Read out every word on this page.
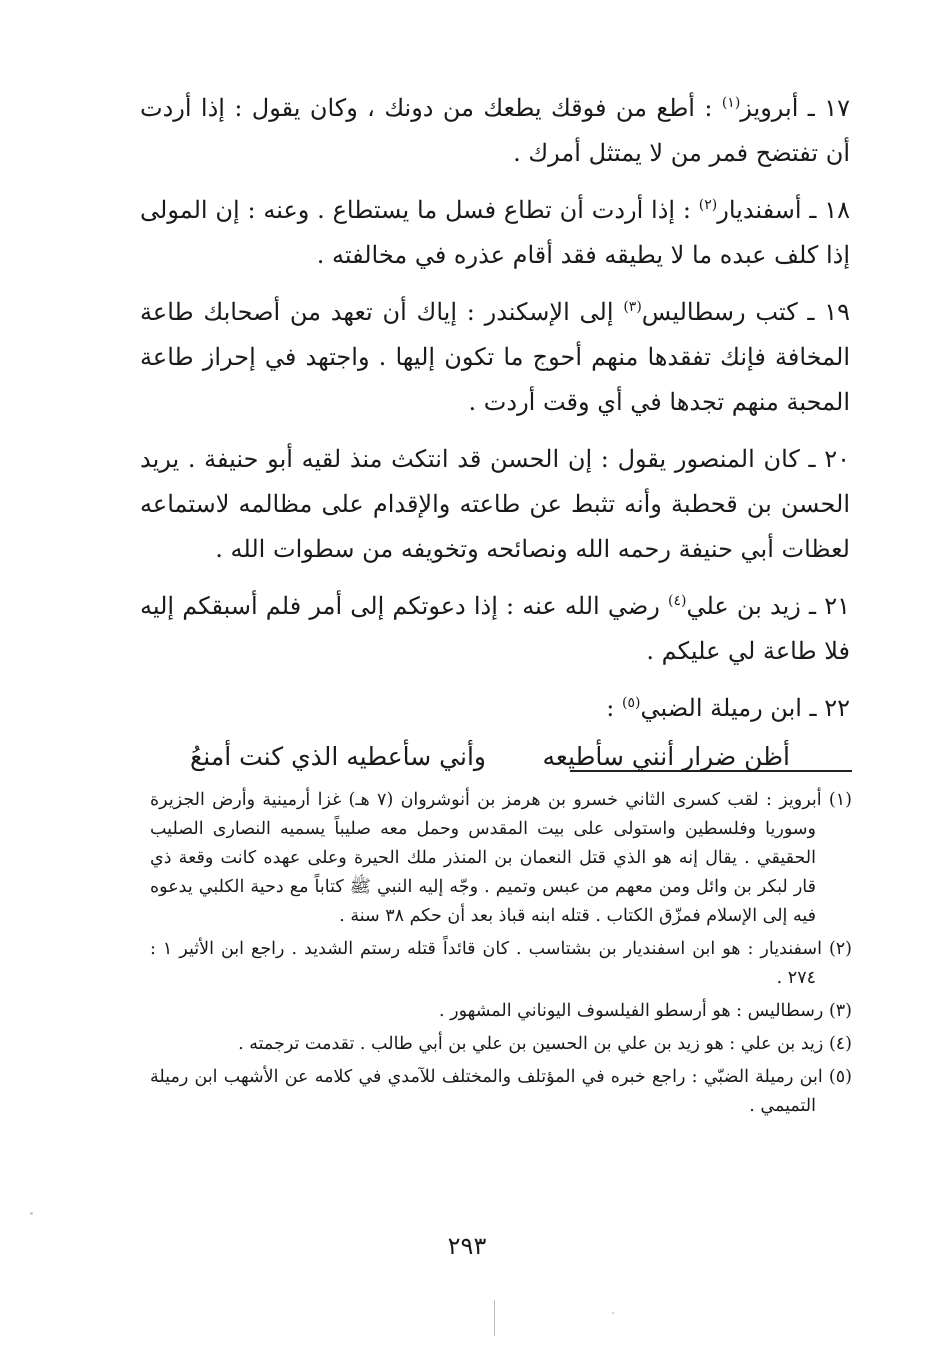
١٧ ـ أبرويز$^{(١)}$ : أطع من فوقك يطعك من دونك ، وكان يقول : إذا أردت أن تفتضح فمر من لا يمتثل أمرك .

١٨ ـ أسفنديار$^{(٢)}$ : إذا أردت أن تطاع فسل ما يستطاع . وعنه : إن المولى إذا كلف عبده ما لا يطيقه فقد أقام عذره في مخالفته .

١٩ ـ كتب رسطاليس$^{(٣)}$ إلى الإسكندر : إياك أن تعهد من أصحابك طاعة المخافة فإنك تفقدها منهم أحوج ما تكون إليها . واجتهد في إحراز طاعة المحبة منهم تجدها في أي وقت أردت .

٢٠ ـ كان المنصور يقول : إن الحسن قد انتكث منذ لقيه أبو حنيفة . يريد الحسن بن قحطبة وأنه تثبط عن طاعته والإقدام على مظالمه لاستماعه لعظات أبي حنيفة رحمه الله ونصائحه وتخويفه من سطوات الله .

٢١ ـ زيد بن علي$^{(٤)}$ رضي الله عنه : إذا دعوتكم إلى أمر فلم أسبقكم إليه فلا طاعة لي عليكم .

٢٢ ـ ابن رميلة الضبي$^{(٥)}$ :

أظن ضرار أنني سأطيعه
وأني سأعطيه الذي كنت أمنعُ

(١) أبرويز : لقب كسرى الثاني خسرو بن هرمز بن أنوشروان (٧ هـ) غزا أرمينية وأرض الجزيرة وسوريا وفلسطين واستولى على بيت المقدس وحمل معه صليباً يسميه النصارى الصليب الحقيقي . يقال إنه هو الذي قتل النعمان بن المنذر ملك الحيرة وعلى عهده كانت وقعة ذي قار لبكر بن وائل ومن معهم من عبس وتميم . وجّه إليه النبي ﷺ كتاباً مع دحية الكلبي يدعوه فيه إلى الإسلام فمزّق الكتاب . قتله ابنه قباذ بعد أن حكم ٣٨ سنة .

(٢) اسفنديار : هو ابن اسفنديار بن بشتاسب . كان قائداً قتله رستم الشديد . راجع ابن الأثير ١ : ٢٧٤ .

(٣) رسطاليس : هو أرسطو الفيلسوف اليوناني المشهور .

(٤) زيد بن علي : هو زيد بن علي بن الحسين بن علي بن أبي طالب . تقدمت ترجمته .

(٥) ابن رميلة الضبّي : راجع خبره في المؤتلف والمختلف للآمدي في كلامه عن الأشهب ابن رميلة التميمي .

٢٩٣
